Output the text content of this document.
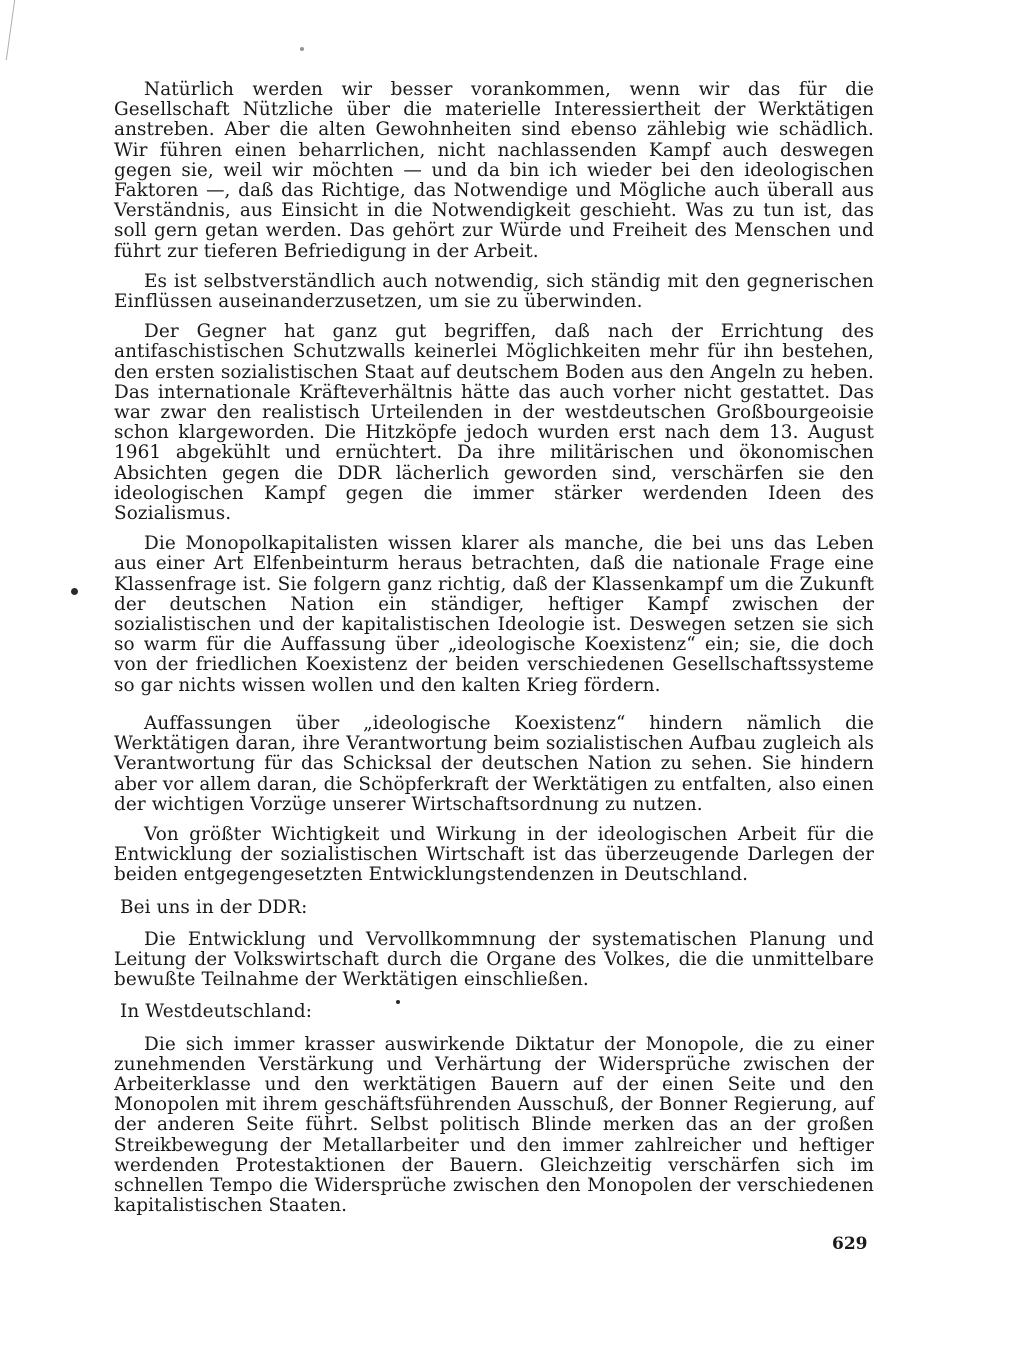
Natürlich werden wir besser vorankommen, wenn wir das für die Gesellschaft Nützliche über die materielle Interessiertheit der Werktätigen anstreben. Aber die alten Gewohnheiten sind ebenso zählebig wie schädlich. Wir führen einen beharrlichen, nicht nachlassenden Kampf auch deswegen gegen sie, weil wir möchten — und da bin ich wieder bei den ideologischen Faktoren —, daß das Richtige, das Notwendige und Mögliche auch überall aus Verständnis, aus Einsicht in die Notwendigkeit geschieht. Was zu tun ist, das soll gern getan werden. Das gehört zur Würde und Freiheit des Menschen und führt zur tieferen Befriedigung in der Arbeit.

Es ist selbstverständlich auch notwendig, sich ständig mit den gegnerischen Einflüssen auseinanderzusetzen, um sie zu überwinden.

Der Gegner hat ganz gut begriffen, daß nach der Errichtung des antifaschistischen Schutzwalls keinerlei Möglichkeiten mehr für ihn bestehen, den ersten sozialistischen Staat auf deutschem Boden aus den Angeln zu heben. Das internationale Kräfteverhältnis hätte das auch vorher nicht gestattet. Das war zwar den realistisch Urteilenden in der westdeutschen Großbourgeoisie schon klargeworden. Die Hitzköpfe jedoch wurden erst nach dem 13. August 1961 abgekühlt und ernüchtert. Da ihre militärischen und ökonomischen Absichten gegen die DDR lächerlich geworden sind, verschärfen sie den ideologischen Kampf gegen die immer stärker werdenden Ideen des Sozialismus.

Die Monopolkapitalisten wissen klarer als manche, die bei uns das Leben aus einer Art Elfenbeinturm heraus betrachten, daß die nationale Frage eine Klassenfrage ist. Sie folgern ganz richtig, daß der Klassenkampf um die Zukunft der deutschen Nation ein ständiger, heftiger Kampf zwischen der sozialistischen und der kapitalistischen Ideologie ist. Deswegen setzen sie sich so warm für die Auffassung über „ideologische Koexistenz“ ein; sie, die doch von der friedlichen Koexistenz der beiden verschiedenen Gesellschaftssysteme so gar nichts wissen wollen und den kalten Krieg fördern.

Auffassungen über „ideologische Koexistenz“ hindern nämlich die Werktätigen daran, ihre Verantwortung beim sozialistischen Aufbau zugleich als Verantwortung für das Schicksal der deutschen Nation zu sehen. Sie hindern aber vor allem daran, die Schöpferkraft der Werktätigen zu entfalten, also einen der wichtigen Vorzüge unserer Wirtschaftsordnung zu nutzen.

Von größter Wichtigkeit und Wirkung in der ideologischen Arbeit für die Entwicklung der sozialistischen Wirtschaft ist das überzeugende Darlegen der beiden entgegengesetzten Entwicklungstendenzen in Deutschland.

Bei uns in der DDR:

Die Entwicklung und Vervollkommnung der systematischen Planung und Leitung der Volkswirtschaft durch die Organe des Volkes, die die unmittelbare bewußte Teilnahme der Werktätigen einschließen.

In Westdeutschland:

Die sich immer krasser auswirkende Diktatur der Monopole, die zu einer zunehmenden Verstärkung und Verhärtung der Widersprüche zwischen der Arbeiterklasse und den werktätigen Bauern auf der einen Seite und den Monopolen mit ihrem geschäftsführenden Ausschuß, der Bonner Regierung, auf der anderen Seite führt. Selbst politisch Blinde merken das an der großen Streikbewegung der Metallarbeiter und den immer zahlreicher und heftiger werdenden Protestaktionen der Bauern. Gleichzeitig verschärfen sich im schnellen Tempo die Widersprüche zwischen den Monopolen der verschiedenen kapitalistischen Staaten.

629
